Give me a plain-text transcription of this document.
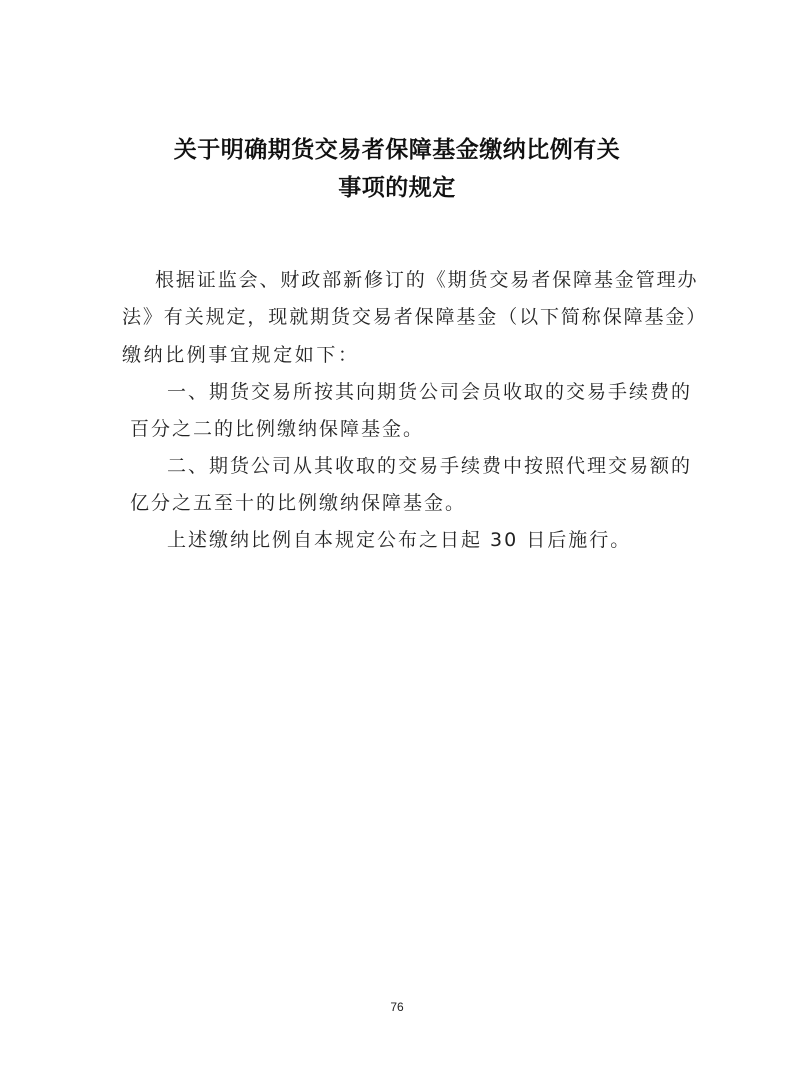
关于明确期货交易者保障基金缴纳比例有关
事项的规定
根据证监会、财政部新修订的《期货交易者保障基金管理办
法》有关规定，现就期货交易者保障基金（以下简称保障基金）
缴纳比例事宜规定如下：
一、期货交易所按其向期货公司会员收取的交易手续费的
百分之二的比例缴纳保障基金。
二、期货公司从其收取的交易手续费中按照代理交易额的
亿分之五至十的比例缴纳保障基金。
上述缴纳比例自本规定公布之日起 30 日后施行。
76
